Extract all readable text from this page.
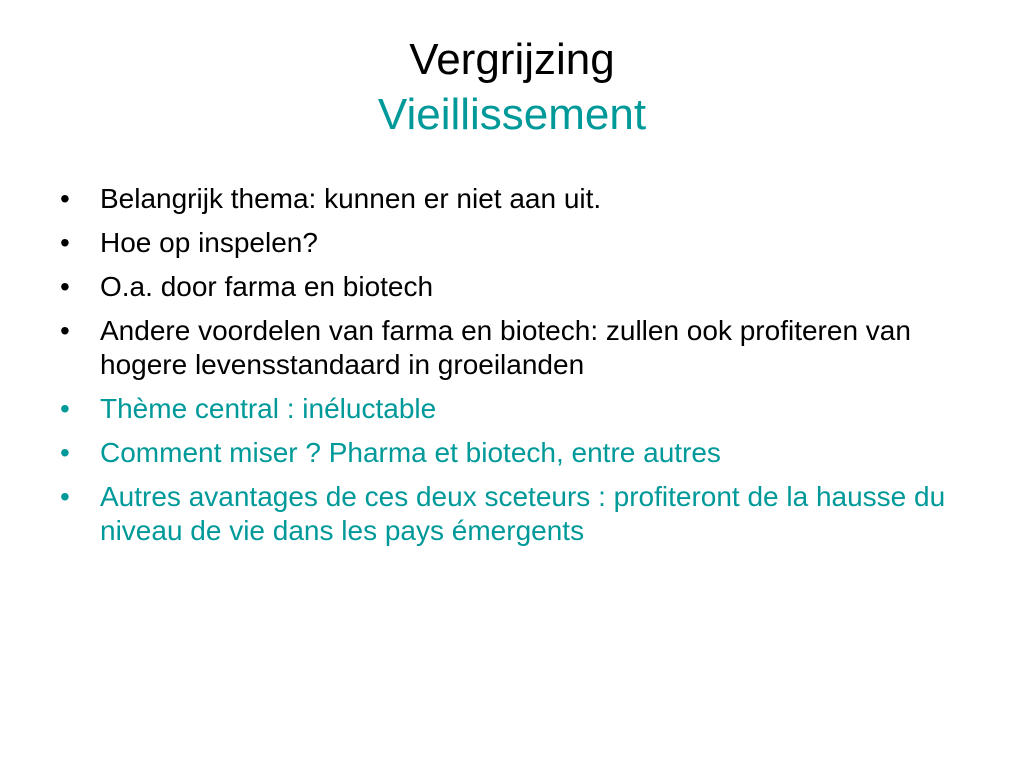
Vergrijzing
Vieillissement
• Belangrijk thema: kunnen er niet aan uit.
• Hoe op inspelen?
• O.a. door farma en biotech
• Andere voordelen van farma en biotech: zullen ook profiteren van hogere levensstandaard in groeilanden
• Thème central : inéluctable
• Comment miser ? Pharma et biotech, entre autres
• Autres avantages de ces deux sceteurs : profiteront de la hausse du niveau de vie dans les pays émergents
